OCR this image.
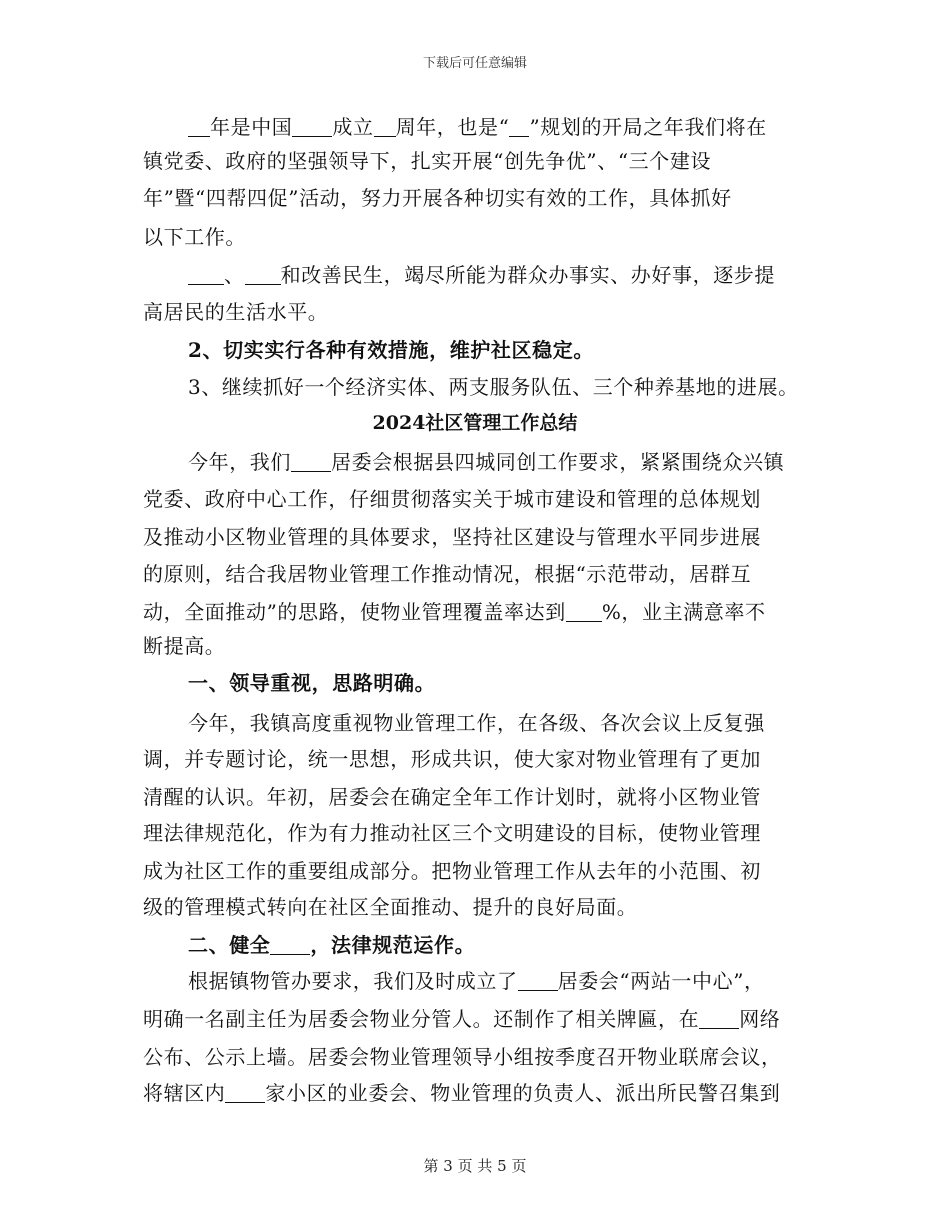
下载后可任意编辑
年是中国 成立 周年，也是“ ”规划的开局之年我们将在
镇党委、政府的坚强领导下，扎实开展“创先争优”、“三个建设
年”暨“四帮四促”活动，努力开展各种切实有效的工作，具体抓好
以下工作。
、 和改善民生，竭尽所能为群众办事实、办好事，逐步提
高居民的生活水平。
2、切实实行各种有效措施，维护社区稳定。
3、继续抓好一个经济实体、两支服务队伍、三个种养基地的进展。
2024社区管理工作总结
今年，我们 居委会根据县四城同创工作要求，紧紧围绕众兴镇
党委、政府中心工作，仔细贯彻落实关于城市建设和管理的总体规划
及推动小区物业管理的具体要求，坚持社区建设与管理水平同步进展
的原则，结合我居物业管理工作推动情况，根据“示范带动，居群互
动，全面推动”的思路，使物业管理覆盖率达到 %，业主满意率不
断提高。
一、领导重视，思路明确。
今年，我镇高度重视物业管理工作，在各级、各次会议上反复强
调，并专题讨论，统一思想，形成共识，使大家对物业管理有了更加
清醒的认识。年初，居委会在确定全年工作计划时，就将小区物业管
理法律规范化，作为有力推动社区三个文明建设的目标，使物业管理
成为社区工作的重要组成部分。把物业管理工作从去年的小范围、初
级的管理模式转向在社区全面推动、提升的良好局面。
二、健全 ，法律规范运作。
根据镇物管办要求，我们及时成立了 居委会“两站一中心”，
明确一名副主任为居委会物业分管人。还制作了相关牌匾，在 网络
公布、公示上墙。居委会物业管理领导小组按季度召开物业联席会议，
将辖区内 家小区的业委会、物业管理的负责人、派出所民警召集到
第 3 页 共 5 页
